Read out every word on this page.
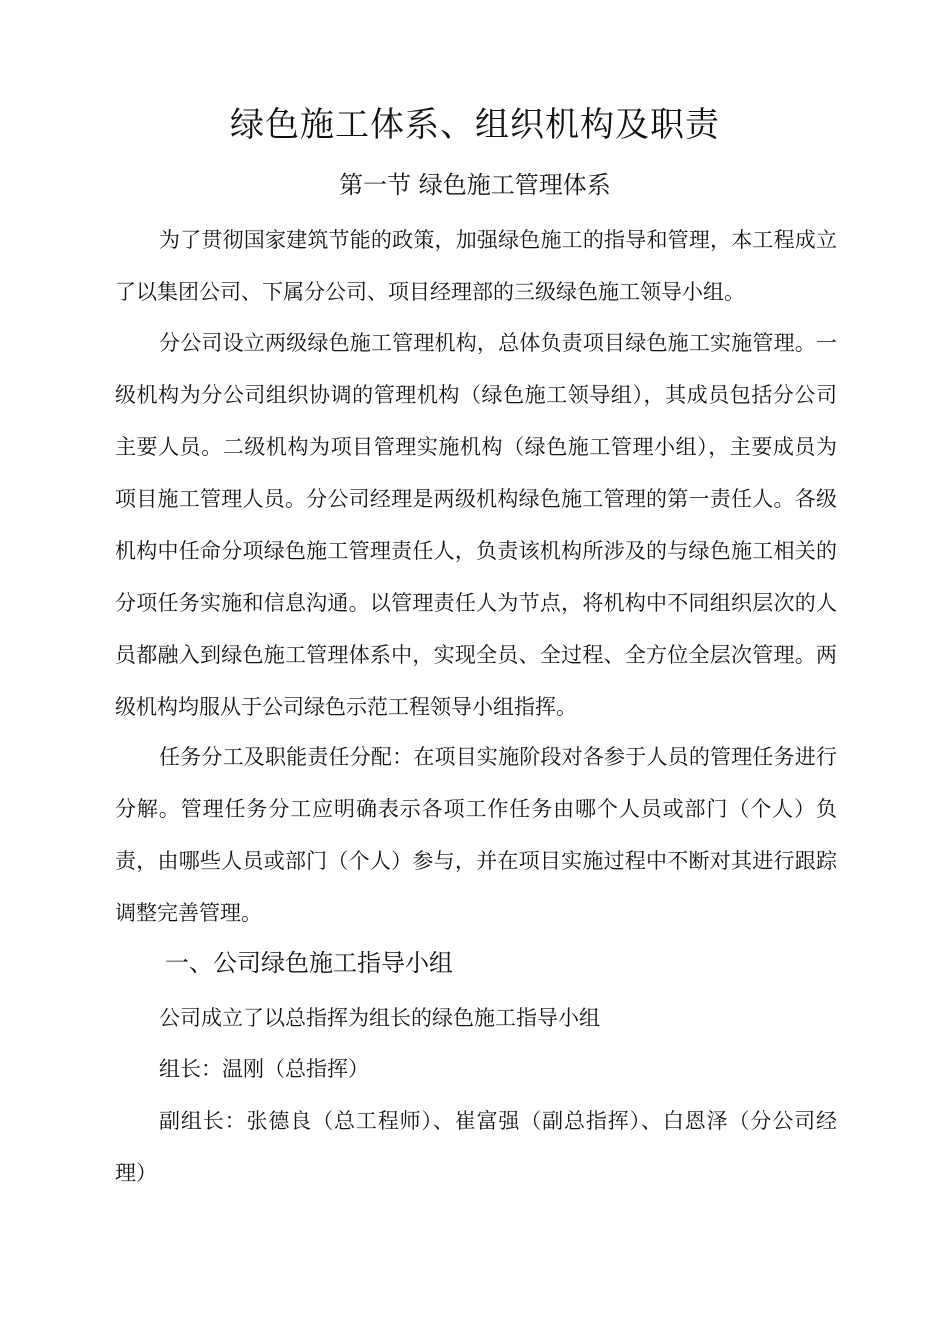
绿色施工体系、组织机构及职责
第一节 绿色施工管理体系

为了贯彻国家建筑节能的政策，加强绿色施工的指导和管理，本工程成立了以集团公司、下属分公司、项目经理部的三级绿色施工领导小组。

分公司设立两级绿色施工管理机构，总体负责项目绿色施工实施管理。一级机构为分公司组织协调的管理机构（绿色施工领导组），其成员包括分公司主要人员。二级机构为项目管理实施机构（绿色施工管理小组），主要成员为项目施工管理人员。分公司经理是两级机构绿色施工管理的第一责任人。各级机构中任命分项绿色施工管理责任人，负责该机构所涉及的与绿色施工相关的分项任务实施和信息沟通。以管理责任人为节点，将机构中不同组织层次的人员都融入到绿色施工管理体系中，实现全员、全过程、全方位全层次管理。两级机构均服从于公司绿色示范工程领导小组指挥。

任务分工及职能责任分配：在项目实施阶段对各参于人员的管理任务进行分解。管理任务分工应明确表示各项工作任务由哪个人员或部门（个人）负责，由哪些人员或部门（个人）参与，并在项目实施过程中不断对其进行跟踪调整完善管理。

一、公司绿色施工指导小组

公司成立了以总指挥为组长的绿色施工指导小组

组长：温刚（总指挥）

副组长：张德良（总工程师）、崔富强（副总指挥）、白恩泽（分公司经理）
